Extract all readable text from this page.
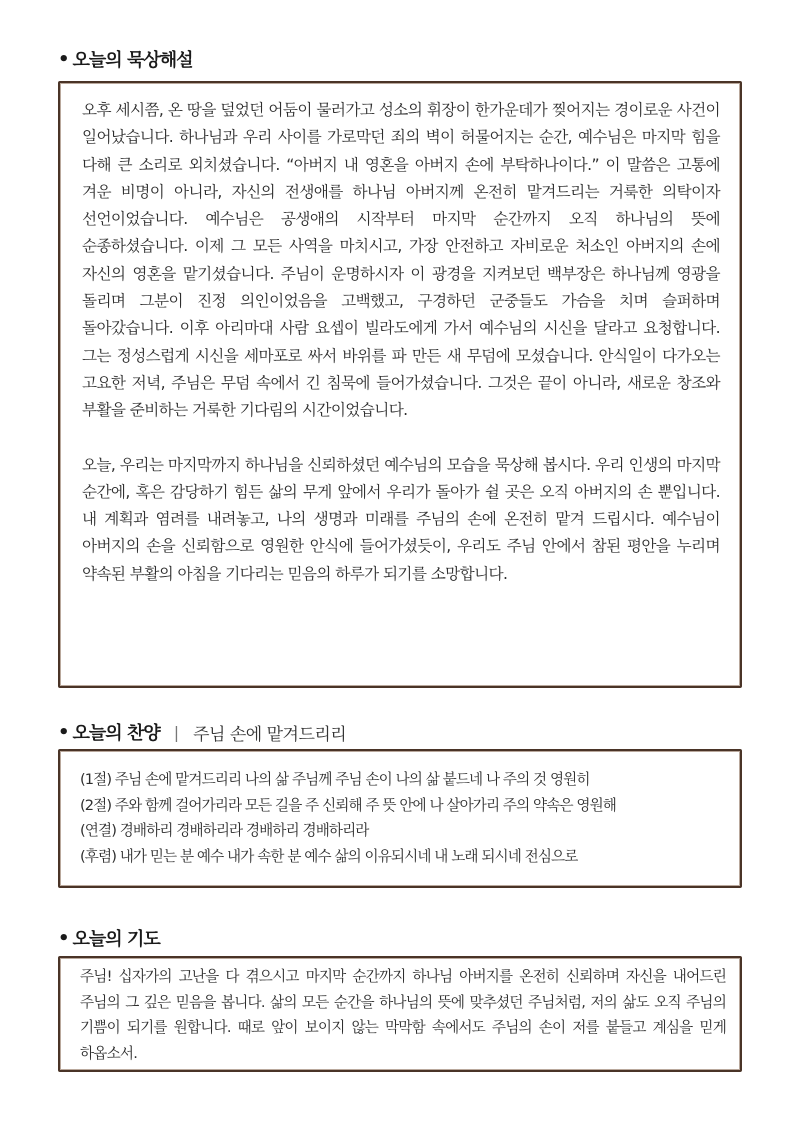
• 오늘의 묵상해설

오후 세시쯤, 온 땅을 덮었던 어둠이 물러가고 성소의 휘장이 한가운데가 찢어지는 경이로운 사건이 일어났습니다. 하나님과 우리 사이를 가로막던 죄의 벽이 허물어지는 순간, 예수님은 마지막 힘을 다해 큰 소리로 외치셨습니다. “아버지 내 영혼을 아버지 손에 부탁하나이다.” 이 말씀은 고통에 겨운 비명이 아니라, 자신의 전생애를 하나님 아버지께 온전히 맡겨드리는 거룩한 의탁이자 선언이었습니다. 예수님은 공생애의 시작부터 마지막 순간까지 오직 하나님의 뜻에 순종하셨습니다. 이제 그 모든 사역을 마치시고, 가장 안전하고 자비로운 처소인 아버지의 손에 자신의 영혼을 맡기셨습니다. 주님이 운명하시자 이 광경을 지켜보던 백부장은 하나님께 영광을 돌리며 그분이 진정 의인이었음을 고백했고, 구경하던 군중들도 가슴을 치며 슬퍼하며 돌아갔습니다. 이후 아리마대 사람 요셉이 빌라도에게 가서 예수님의 시신을 달라고 요청합니다. 그는 정성스럽게 시신을 세마포로 싸서 바위를 파 만든 새 무덤에 모셨습니다. 안식일이 다가오는 고요한 저녁, 주님은 무덤 속에서 긴 침묵에 들어가셨습니다. 그것은 끝이 아니라, 새로운 창조와 부활을 준비하는 거룩한 기다림의 시간이었습니다.

오늘, 우리는 마지막까지 하나님을 신뢰하셨던 예수님의 모습을 묵상해 봅시다. 우리 인생의 마지막 순간에, 혹은 감당하기 힘든 삶의 무게 앞에서 우리가 돌아가 쉴 곳은 오직 아버지의 손 뿐입니다. 내 계획과 염려를 내려놓고, 나의 생명과 미래를 주님의 손에 온전히 맡겨 드립시다. 예수님이 아버지의 손을 신뢰함으로 영원한 안식에 들어가셨듯이, 우리도 주님 안에서 참된 평안을 누리며 약속된 부활의 아침을 기다리는 믿음의 하루가 되기를 소망합니다.

• 오늘의 찬양 | 주님 손에 맡겨드리리
(1절) 주님 손에 맡겨드리리 나의 삶 주님께 주님 손이 나의 삶 붙드네 나 주의 것 영원히
(2절) 주와 함께 걸어가리라 모든 길을 주 신뢰해 주 뜻 안에 나 살아가리 주의 약속은 영원해
(연결) 경배하리 경배하리라 경배하리 경배하리라
(후렴) 내가 믿는 분 예수 내가 속한 분 예수 삶의 이유되시네 내 노래 되시네 전심으로
• 오늘의 기도

주님! 십자가의 고난을 다 겪으시고 마지막 순간까지 하나님 아버지를 온전히 신뢰하며 자신을 내어드린 주님의 그 깊은 믿음을 봅니다. 삶의 모든 순간을 하나님의 뜻에 맞추셨던 주님처럼, 저의 삶도 오직 주님의 기쁨이 되기를 원합니다. 때로 앞이 보이지 않는 막막함 속에서도 주님의 손이 저를 붙들고 계심을 믿게 하옵소서.
